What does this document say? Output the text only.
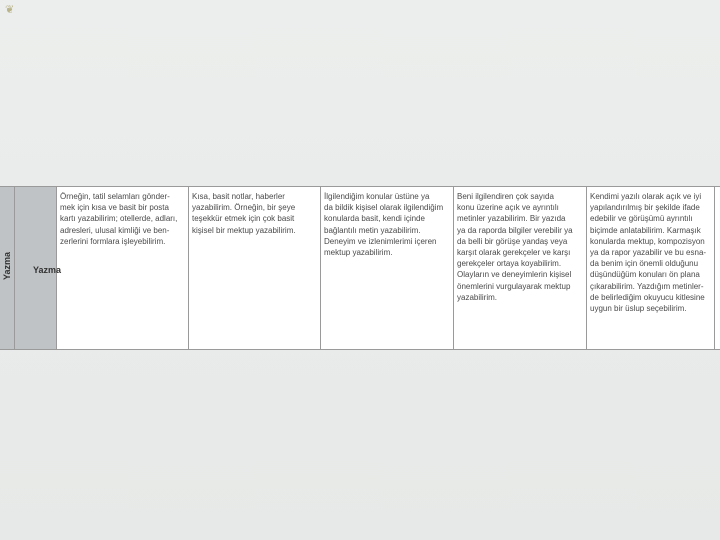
❦
Yazma
Örneğin, tatil selamları gönder-
mek için kısa ve basit bir posta
kartı yazabilirim; otellerde, adları,
adresleri, ulusal kimliği ve ben-
zerlerini formlara işleyebilirim.
Kısa, basit notlar, haberler
yazabilirim. Örneğin, bir şeye
teşekkür etmek için çok basit
kişisel bir mektup yazabilirim.
İlgilendiğim konular üstüne ya
da bildik kişisel olarak ilgilendiğim
konularda basit, kendi içinde
bağlantılı metin yazabilirim.
Deneyim ve izlenimlerimi içeren
mektup yazabilirim.
Beni ilgilendiren çok sayıda
konu üzerine açık ve ayrıntılı
metinler yazabilirim. Bir yazıda
ya da raporda bilgiler verebilir ya
da belli bir görüşe yandaş veya
karşıt olarak gerekçeler ve karşı
gerekçeler ortaya koyabilirim.
Olayların ve deneyimlerin kişisel
önemlerini vurgulayarak mektup
yazabilirim.
Kendimi yazılı olarak açık ve iyi
yapılandırılmış bir şekilde ifade
edebilir ve görüşümü ayrıntılı
biçimde anlatabilirim. Karmaşık
konularda mektup, kompozisyon
ya da rapor yazabilir ve bu esna-
da benim için önemli olduğunu
düşündüğüm konuları ön plana
çıkarabilirim. Yazdığım metinler-
de belirlediğim okuyucu kitlesine
uygun bir üslup seçebilirim.
Yazma
